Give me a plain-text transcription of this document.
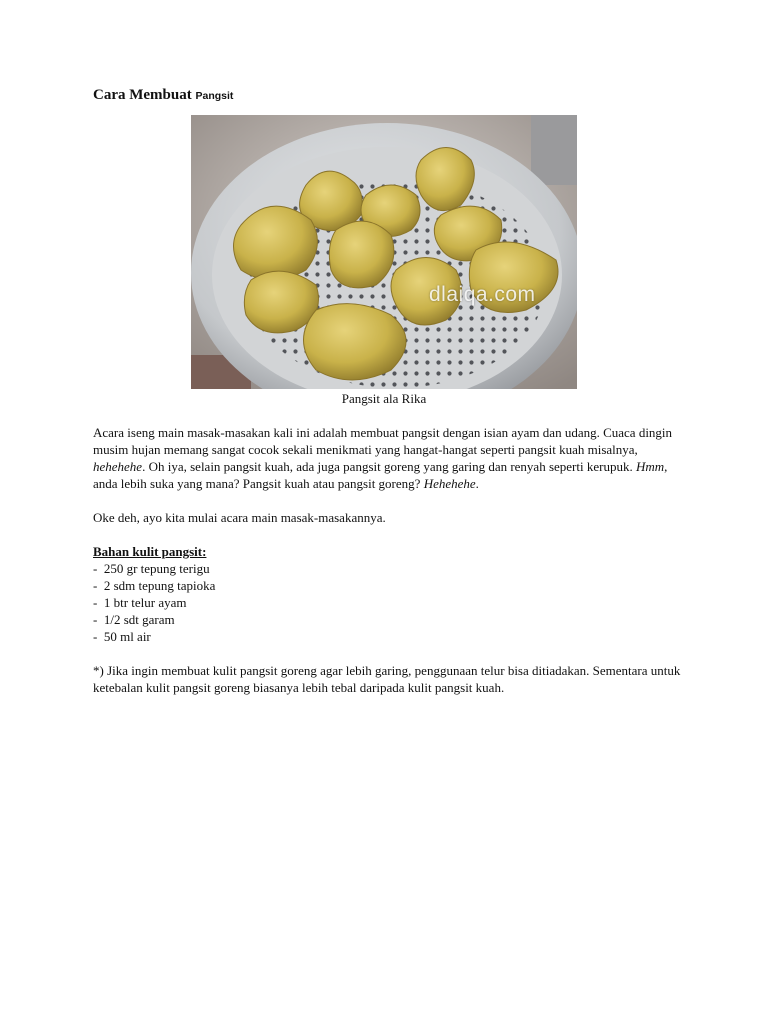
Cara Membuat Pangsit
dlaiqa.com

Pangsit ala Rika

Acara iseng main masak-masakan kali ini adalah membuat pangsit dengan isian ayam dan udang. Cuaca dingin musim hujan memang sangat cocok sekali menikmati yang hangat-hangat seperti pangsit kuah misalnya, hehehehe. Oh iya, selain pangsit kuah, ada juga pangsit goreng yang garing dan renyah seperti kerupuk. Hmm, anda lebih suka yang mana? Pangsit kuah atau pangsit goreng? Hehehehe.

Oke deh, ayo kita mulai acara main masak-masakannya.

Bahan kulit pangsit:

-  250 gr tepung terigu
-  2 sdm tepung tapioka
-  1 btr telur ayam
-  1/2 sdt garam
-  50 ml air

*) Jika ingin membuat kulit pangsit goreng agar lebih garing, penggunaan telur bisa ditiadakan. Sementara untuk ketebalan kulit pangsit goreng biasanya lebih tebal daripada kulit pangsit kuah.
